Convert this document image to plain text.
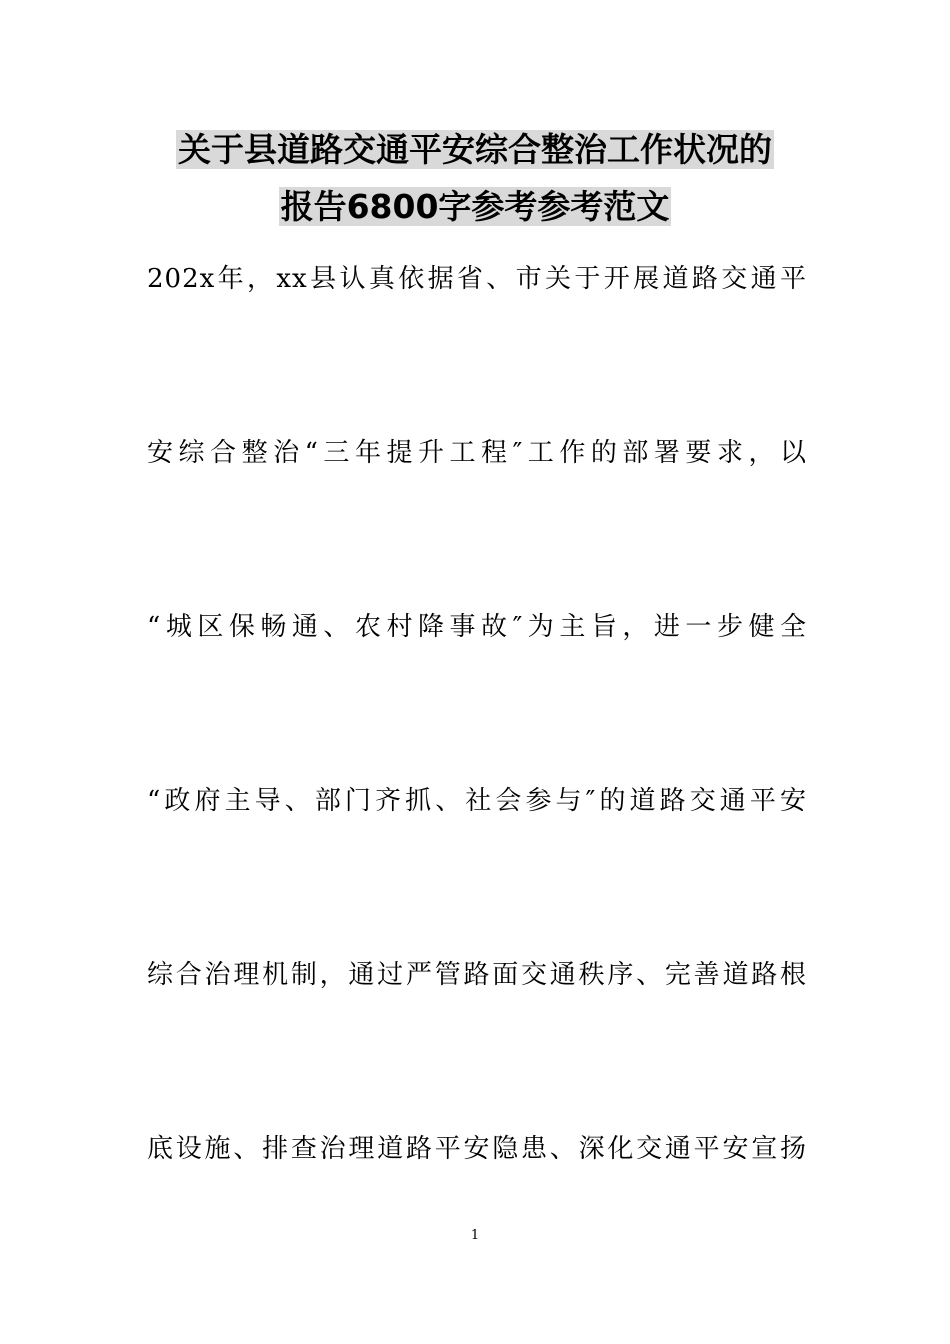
关于县道路交通平安综合整治工作状况的
报告6800字参考参考范文
202x年，xx县认真依据省、市关于开展道路交通平
安综合整治“三年提升工程″工作的部署要求，以
“城区保畅通、农村降事故″为主旨，进一步健全
“政府主导、部门齐抓、社会参与″的道路交通平安
综合治理机制，通过严管路面交通秩序、完善道路根
底设施、排查治理道路平安隐患、深化交通平安宣扬
1
